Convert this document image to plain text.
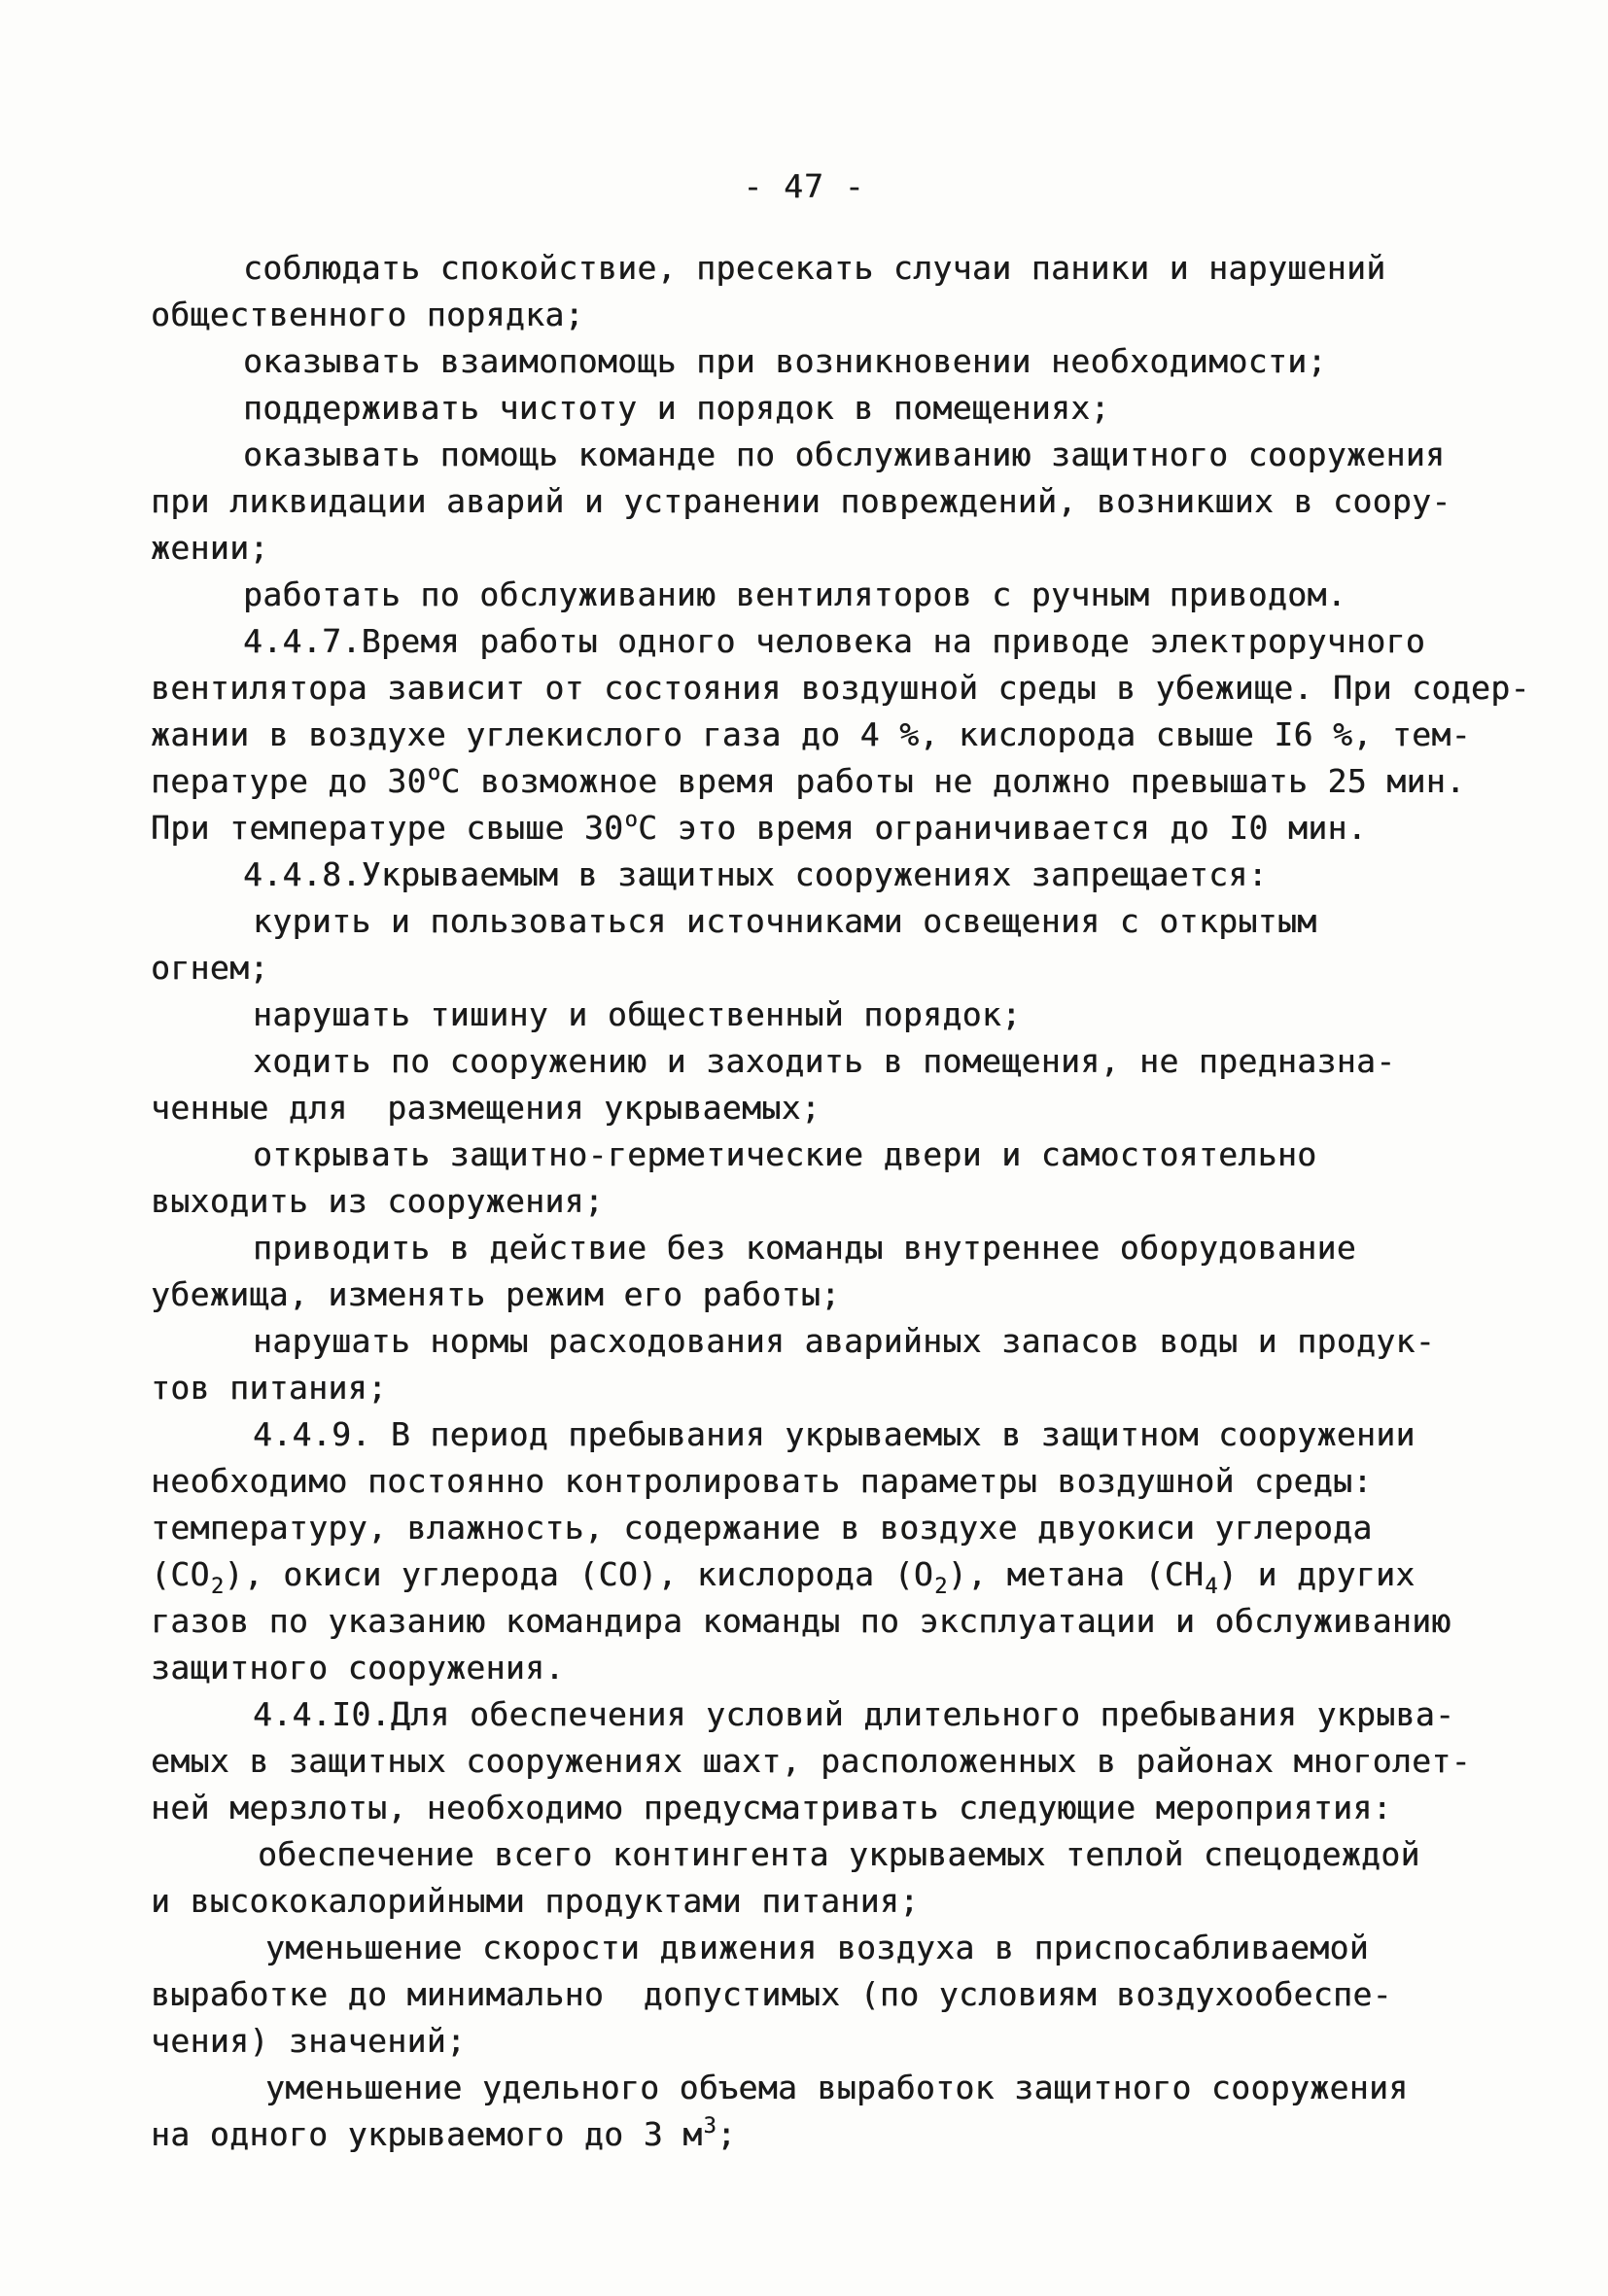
- 47 -
соблюдать спокойствие, пресекать случаи паники и нарушений
общественного порядка;
оказывать взаимопомощь при возникновении необходимости;
поддерживать чистоту и порядок в помещениях;
оказывать помощь команде по обслуживанию защитного сооружения
при ликвидации аварий и устранении повреждений, возникших в соору-
жении;
работать по обслуживанию вентиляторов с ручным приводом.
4.4.7.Время работы одного человека на приводе электроручного
вентилятора зависит от состояния воздушной среды в убежище. При содер-
жании в воздухе углекислого газа до 4 %, кислорода свыше I6 %, тем-
пературе до $30^оС$ возможное время работы не должно превышать 25 мин.
При температуре свыше $30^оС$ это время ограничивается до I0 мин.
4.4.8.Укрываемым в защитных сооружениях запрещается:
курить и пользоваться источниками освещения с открытым
огнем;
нарушать тишину и общественный порядок;
ходить по сооружению и заходить в помещения, не предназна-
ченные для  размещения укрываемых;
открывать защитно-герметические двери и самостоятельно
выходить из сооружения;
приводить в действие без команды внутреннее оборудование
убежища, изменять режим его работы;
нарушать нормы расходования аварийных запасов воды и продук-
тов питания;
4.4.9. В период пребывания укрываемых в защитном сооружении
необходимо постоянно контролировать параметры воздушной среды:
температуру, влажность, содержание в воздухе двуокиси углерода
$(CO_2)$, окиси углерода (CO), кислорода $(O_2)$, метана $(CH_4)$ и других
газов по указанию командира команды по эксплуатации и обслуживанию
защитного сооружения.
4.4.I0.Для обеспечения условий длительного пребывания укрыва-
емых в защитных сооружениях шахт, расположенных в районах многолет-
ней мерзлоты, необходимо предусматривать следующие мероприятия:
обеспечение всего контингента укрываемых теплой спецодеждой
и высококалорийными продуктами питания;
уменьшение скорости движения воздуха в приспосабливаемой
выработке до минимально  допустимых (по условиям воздухообеспе-
чения) значений;
уменьшение удельного объема выработок защитного сооружения
на одного укрываемого до 3 $м^3$;
